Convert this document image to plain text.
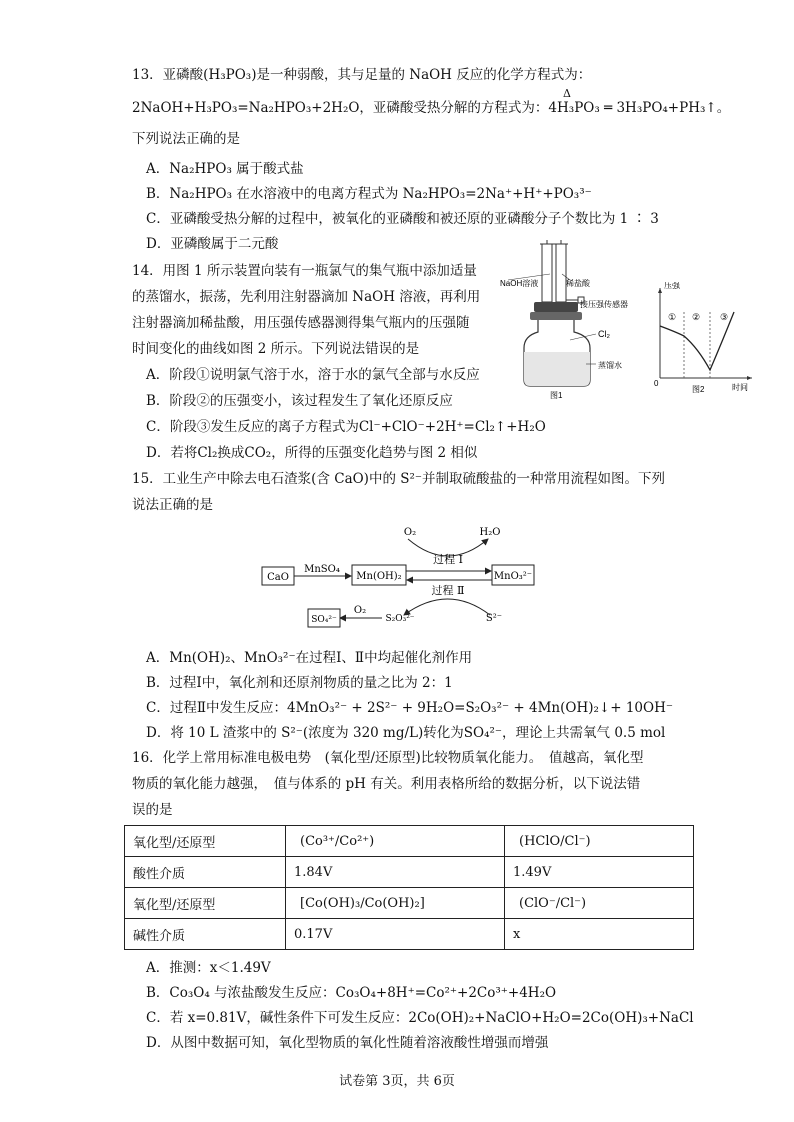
13．亚磷酸(H₃PO₃)是一种弱酸，其与足量的 NaOH 反应的化学方程式为：
2NaOH+H₃PO₃=Na₂HPO₃+2H₂O，亚磷酸受热分解的方程式为：4H₃PO₃ ═ 3H₃PO₄+PH₃↑。
Δ
下列说法正确的是
A．Na₂HPO₃ 属于酸式盐
B．Na₂HPO₃ 在水溶液中的电离方程式为 Na₂HPO₃=2Na⁺+H⁺+PO₃³⁻
C．亚磷酸受热分解的过程中，被氧化的亚磷酸和被还原的亚磷酸分子个数比为 1 ∶ 3
D．亚磷酸属于二元酸
14．用图 1 所示装置向装有一瓶氯气的集气瓶中添加适量
的蒸馏水，振荡，先利用注射器滴加 NaOH 溶液，再利用
注射器滴加稀盐酸，用压强传感器测得集气瓶内的压强随
时间变化的曲线如图 2 所示。下列说法错误的是
A．阶段①说明氯气溶于水，溶于水的氯气全部与水反应
B．阶段②的压强变小，该过程发生了氧化还原反应
C．阶段③发生反应的离子方程式为Cl⁻+ClO⁻+2H⁺=Cl₂↑+H₂O
D．若将Cl₂换成CO₂，所得的压强变化趋势与图 2 相似
NaOH溶液	稀盐酸
接压强传感器
Cl₂
蒸馏水
图1
压强
时间
0
① ② ③
图2
15．工业生产中除去电石渣浆(含 CaO)中的 S²⁻并制取硫酸盐的一种常用流程如图。下列
说法正确的是
CaO
MnSO₄
Mn(OH)₂	MnO₃²⁻
O₂	H₂O
过程 Ⅰ
过程 Ⅱ
S₂O₃²⁻	S²⁻
O₂
SO₄²⁻
A．Mn(OH)₂、MnO₃²⁻在过程Ⅰ、Ⅱ中均起催化剂作用
B．过程Ⅰ中，氧化剂和还原剂物质的量之比为 2：1
C．过程Ⅱ中发生反应：4MnO₃²⁻ + 2S²⁻ + 9H₂O=S₂O₃²⁻ + 4Mn(OH)₂↓+ 10OH⁻
D．将 10 L 渣浆中的 S²⁻(浓度为 320 mg/L)转化为SO₄²⁻，理论上共需氧气 0.5 mol
16．化学上常用标准电极电势　(氧化型/还原型)比较物质氧化能力。　值越高，氧化型
物质的氧化能力越强，　值与体系的 pH 有关。利用表格所给的数据分析，以下说法错
误的是
氧化型/还原型	(Co³⁺/Co²⁺)	(HClO/Cl⁻)
酸性介质	1.84V	1.49V
氧化型/还原型	[Co(OH)₃/Co(OH)₂]	(ClO⁻/Cl⁻)
碱性介质	0.17V	x
A．推测：x＜1.49V
B．Co₃O₄ 与浓盐酸发生反应：Co₃O₄+8H⁺=Co²⁺+2Co³⁺+4H₂O
C．若 x=0.81V，碱性条件下可发生反应：2Co(OH)₂+NaClO+H₂O=2Co(OH)₃+NaCl
D．从图中数据可知，氧化型物质的氧化性随着溶液酸性增强而增强
试卷第 3页，共 6页
